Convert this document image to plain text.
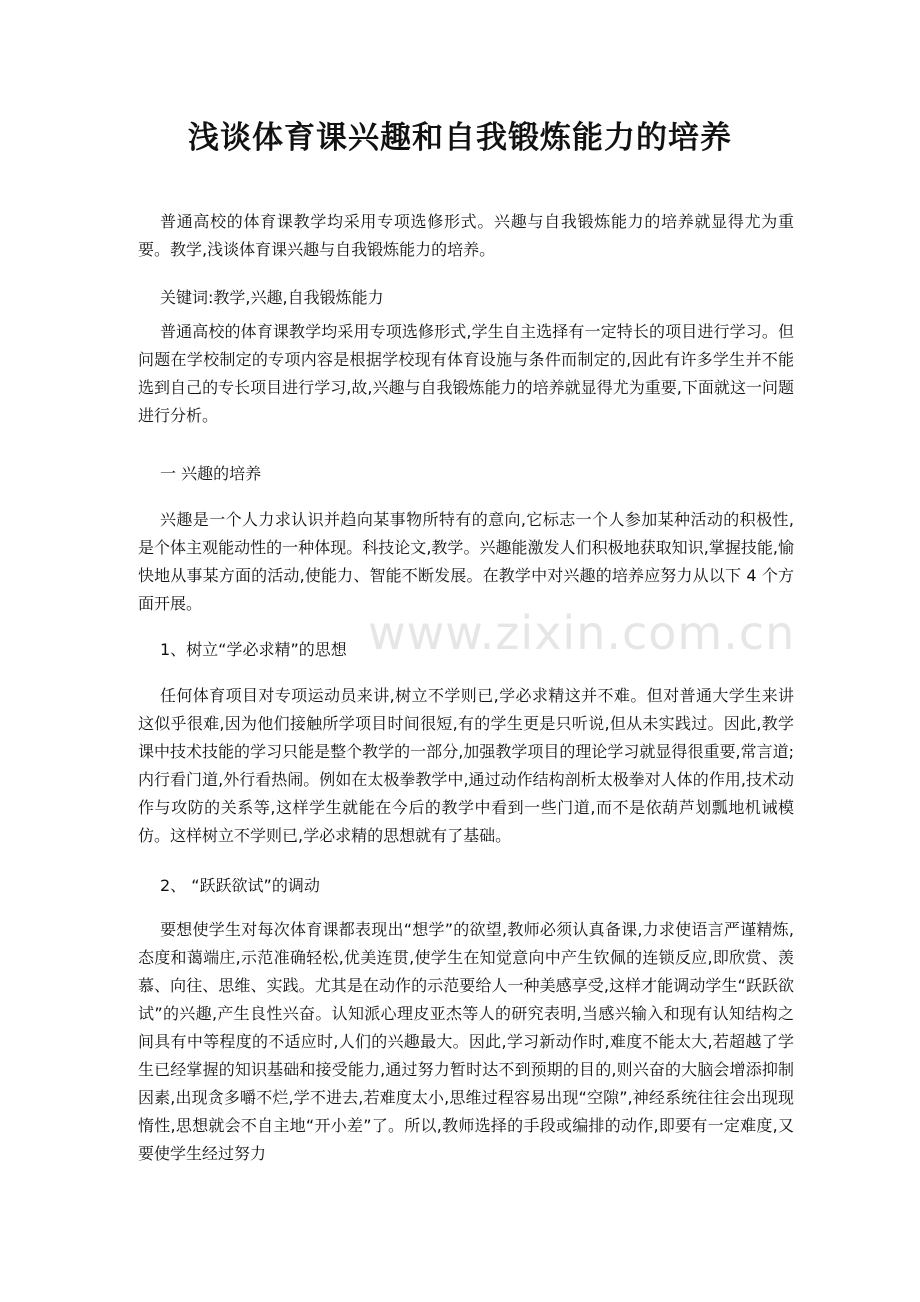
浅谈体育课兴趣和自我锻炼能力的培养

普通高校的体育课教学均采用专项选修形式。兴趣与自我锻炼能力的培养就显得尤为重要。教学,浅谈体育课兴趣与自我锻炼能力的培养。

关键词:教学,兴趣,自我锻炼能力

普通高校的体育课教学均采用专项选修形式,学生自主选择有一定特长的项目进行学习。但问题在学校制定的专项内容是根据学校现有体育设施与条件而制定的,因此有许多学生并不能选到自己的专长项目进行学习,故,兴趣与自我锻炼能力的培养就显得尤为重要,下面就这一问题进行分析。

一 兴趣的培养

兴趣是一个人力求认识并趋向某事物所特有的意向,它标志一个人参加某种活动的积极性,是个体主观能动性的一种体现。科技论文,教学。兴趣能激发人们积极地获取知识,掌握技能,愉快地从事某方面的活动,使能力、智能不断发展。在教学中对兴趣的培养应努力从以下 4 个方面开展。

1、树立“学必求精”的思想

任何体育项目对专项运动员来讲,树立不学则已,学必求精这并不难。但对普通大学生来讲这似乎很难,因为他们接触所学项目时间很短,有的学生更是只听说,但从未实践过。因此,教学课中技术技能的学习只能是整个教学的一部分,加强教学项目的理论学习就显得很重要,常言道;内行看门道,外行看热闹。例如在太极拳教学中,通过动作结构剖析太极拳对人体的作用,技术动作与攻防的关系等,这样学生就能在今后的教学中看到一些门道,而不是依葫芦划瓢地机诫模仿。这样树立不学则已,学必求精的思想就有了基础。

2、 “跃跃欲试”的调动

要想使学生对每次体育课都表现出“想学”的欲望,教师必须认真备课,力求使语言严谨精炼,态度和蔼端庄,示范准确轻松,优美连贯,使学生在知觉意向中产生钦佩的连锁反应,即欣赏、羡慕、向往、思维、实践。尤其是在动作的示范要给人一种美感享受,这样才能调动学生“跃跃欲试”的兴趣,产生良性兴奋。认知派心理皮亚杰等人的研究表明,当感兴输入和现有认知结构之间具有中等程度的不适应时,人们的兴趣最大。因此,学习新动作时,难度不能太大,若超越了学生已经掌握的知识基础和接受能力,通过努力暂时达不到预期的目的,则兴奋的大脑会增添抑制因素,出现贪多嚼不烂,学不进去,若难度太小,思维过程容易出现“空隙”,神经系统往往会出现现惰性,思想就会不自主地“开小差”了。所以,教师选择的手段或编排的动作,即要有一定难度,又要使学生经过努力

www.zixin.com.cn
